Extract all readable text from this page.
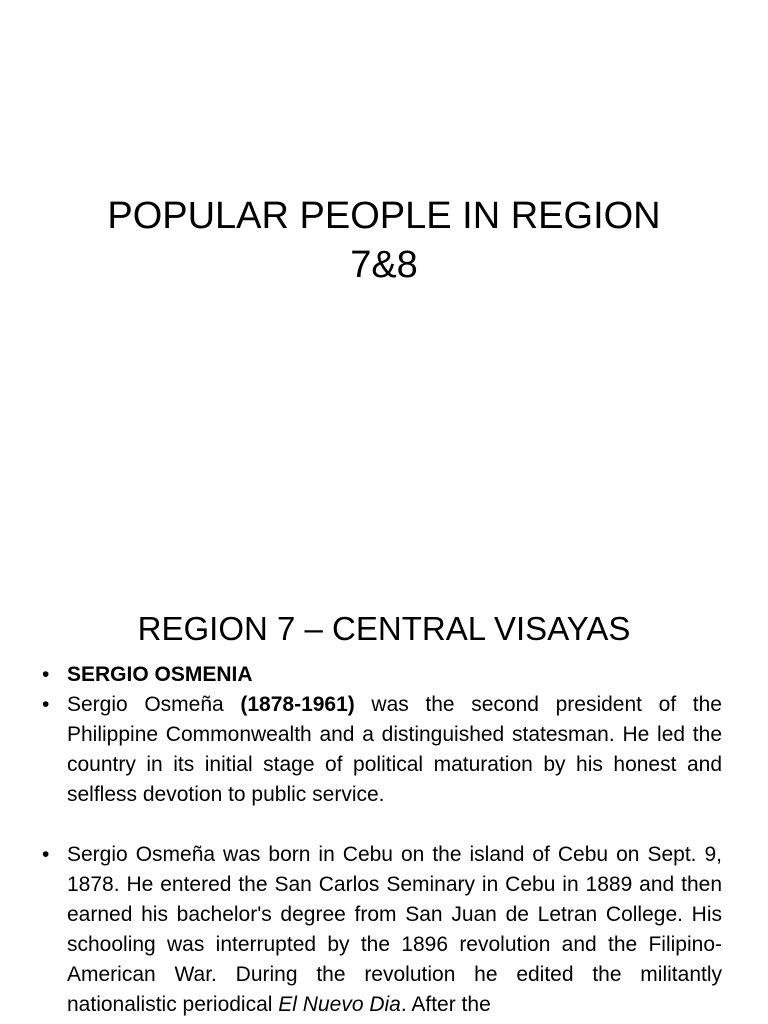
POPULAR PEOPLE IN REGION
7&8
REGION 7 – CENTRAL VISAYAS
• SERGIO OSMENIA
• Sergio Osmeña (1878-1961) was the second president of the Philippine Commonwealth and a distinguished statesman. He led the country in its initial stage of political maturation by his honest and selfless devotion to public service.
• Sergio Osmeña was born in Cebu on the island of Cebu on Sept. 9, 1878. He entered the San Carlos Seminary in Cebu in 1889 and then earned his bachelor's degree from San Juan de Letran College. His schooling was interrupted by the 1896 revolution and the Filipino-American War. During the revolution he edited the militantly nationalistic periodical El Nuevo Dia. After the
